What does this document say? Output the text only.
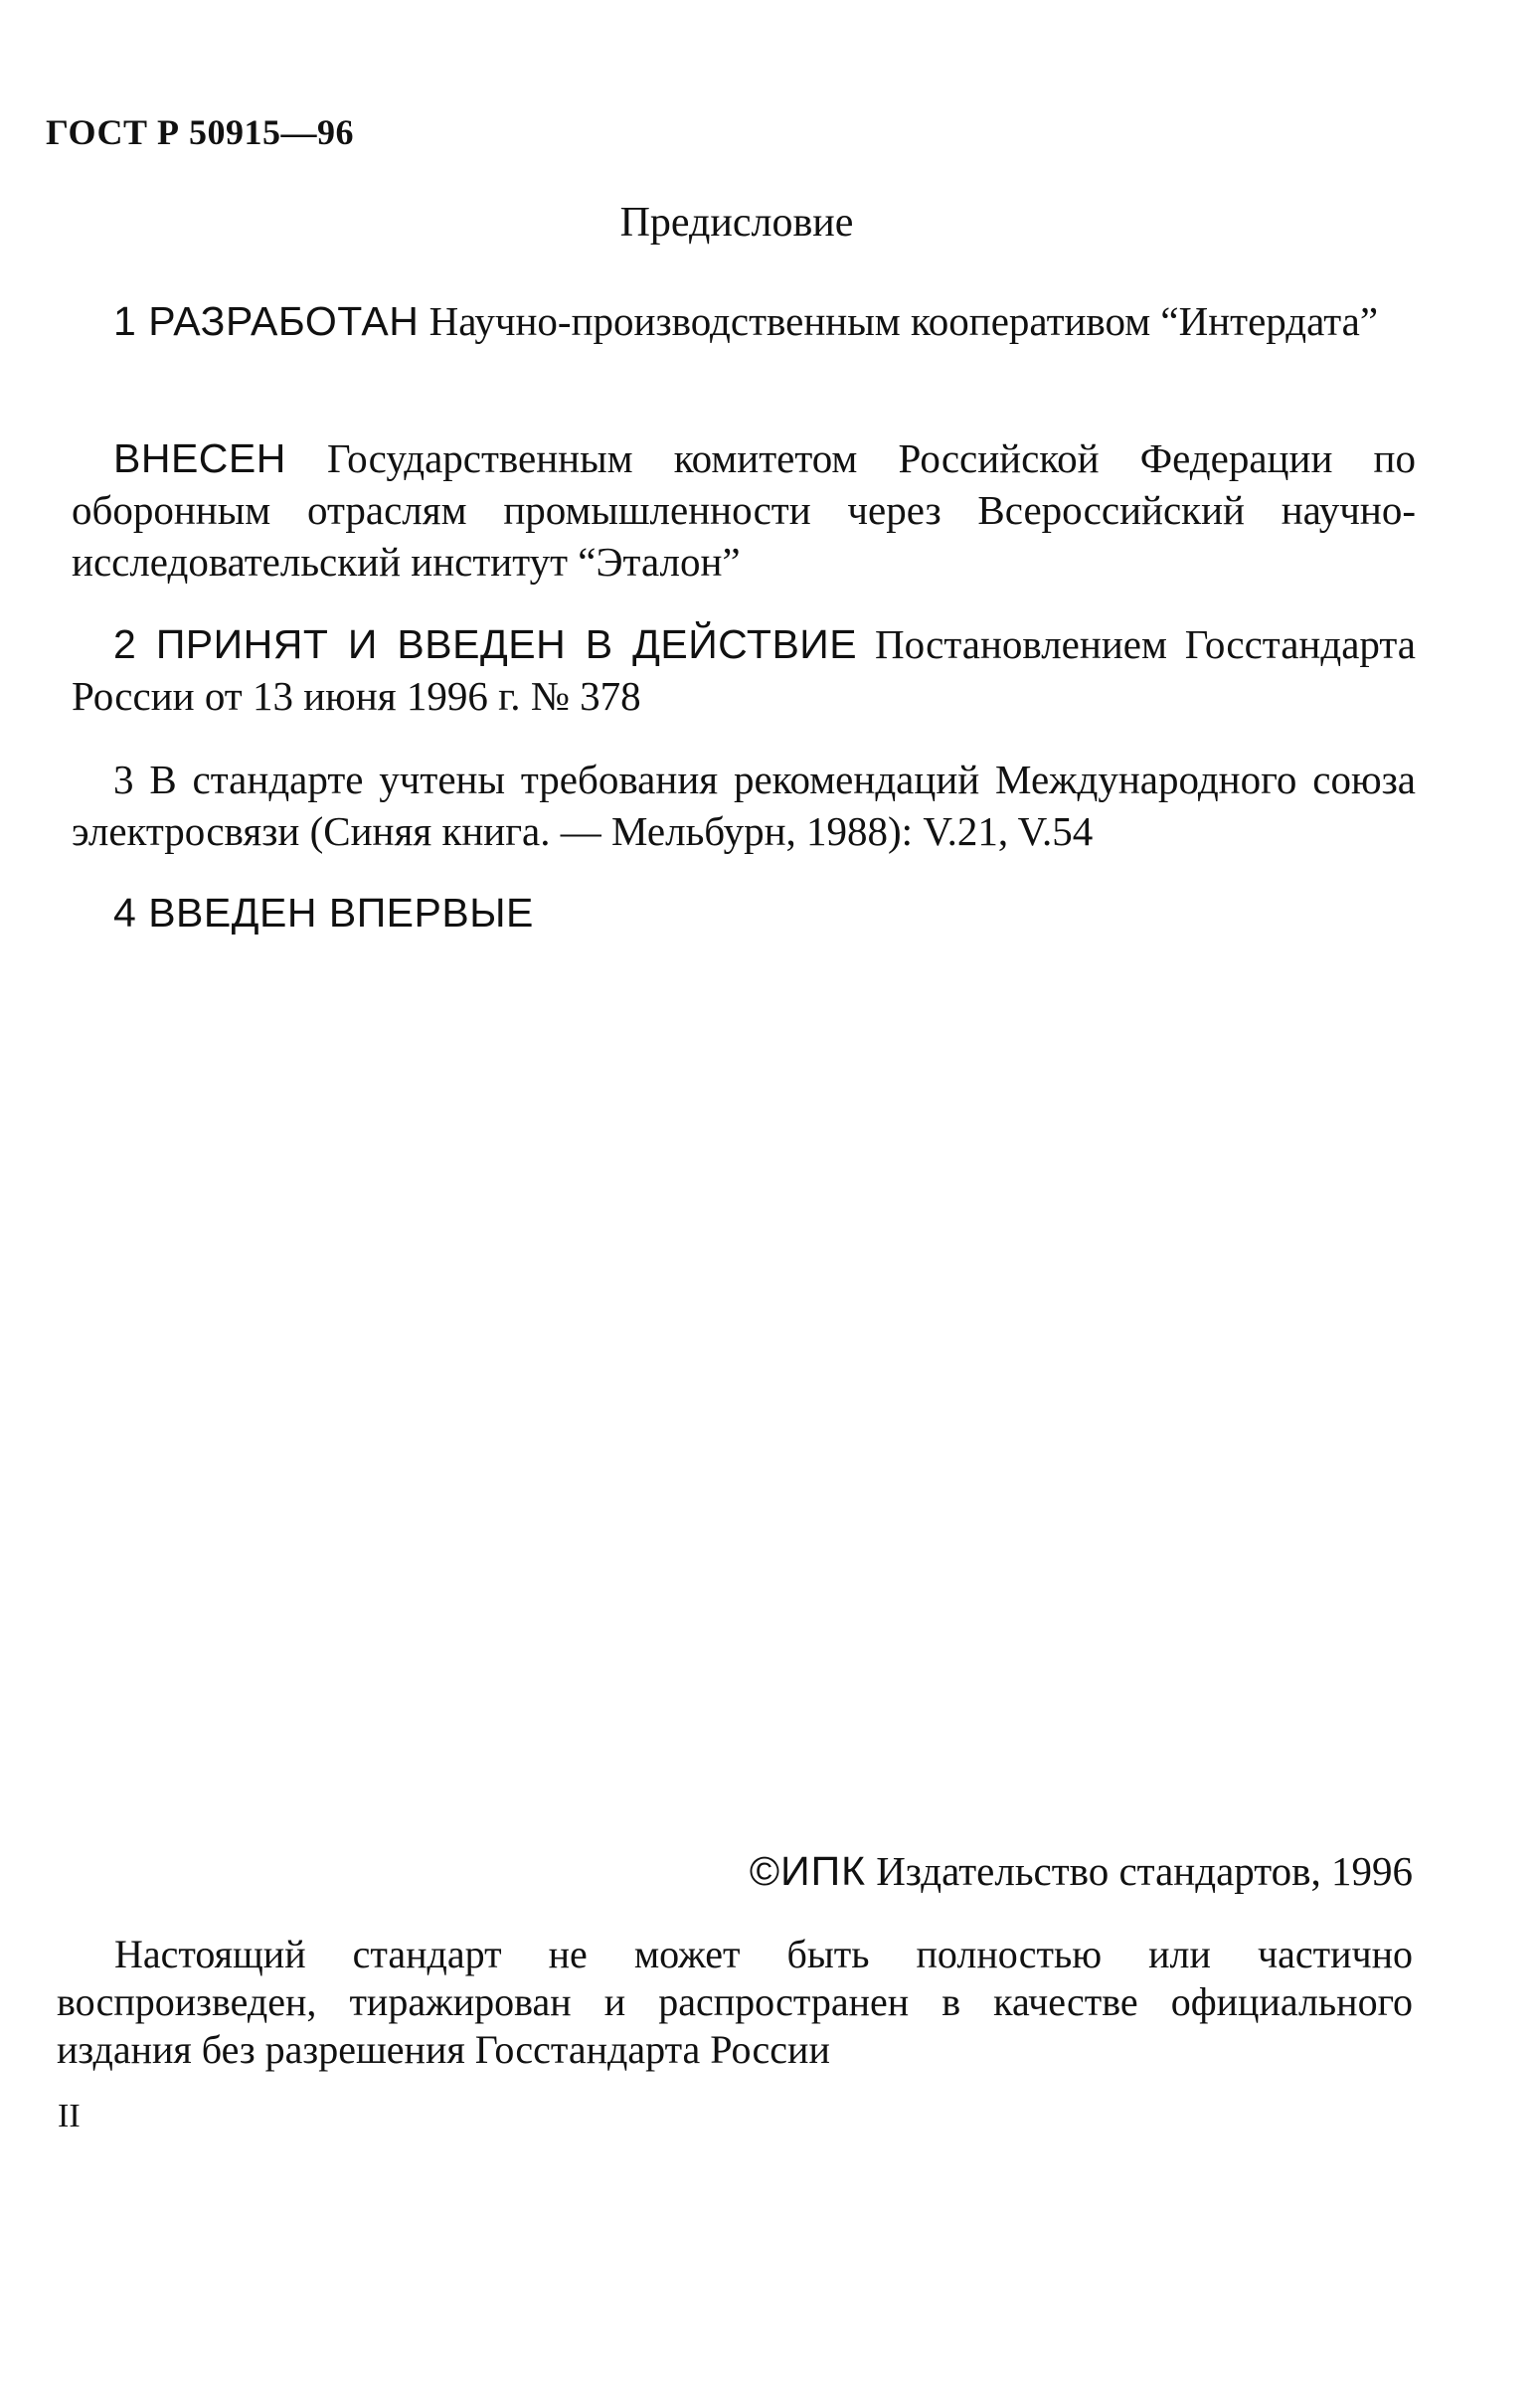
ГОСТ Р 50915—96
Предисловие

1 РАЗРАБОТАН Научно-производственным кооперативом “Интердата”

ВНЕСЕН Государственным комитетом Российской Федерации по оборонным отраслям промышленности через Всероссийский научно-исследовательский институт “Эталон”

2 ПРИНЯТ И ВВЕДЕН В ДЕЙСТВИЕ Постановлением Госстандарта России от 13 июня 1996 г. № 378

3 В стандарте учтены требования рекомендаций Международного союза электросвязи (Синяя книга. — Мельбурн, 1988): V.21, V.54

4 ВВЕДЕН ВПЕРВЫЕ

©ИПК Издательство стандартов, 1996

Настоящий стандарт не может быть полностью или частично воспроизведен, тиражирован и распространен в качестве официального издания без разрешения Госстандарта России

II
